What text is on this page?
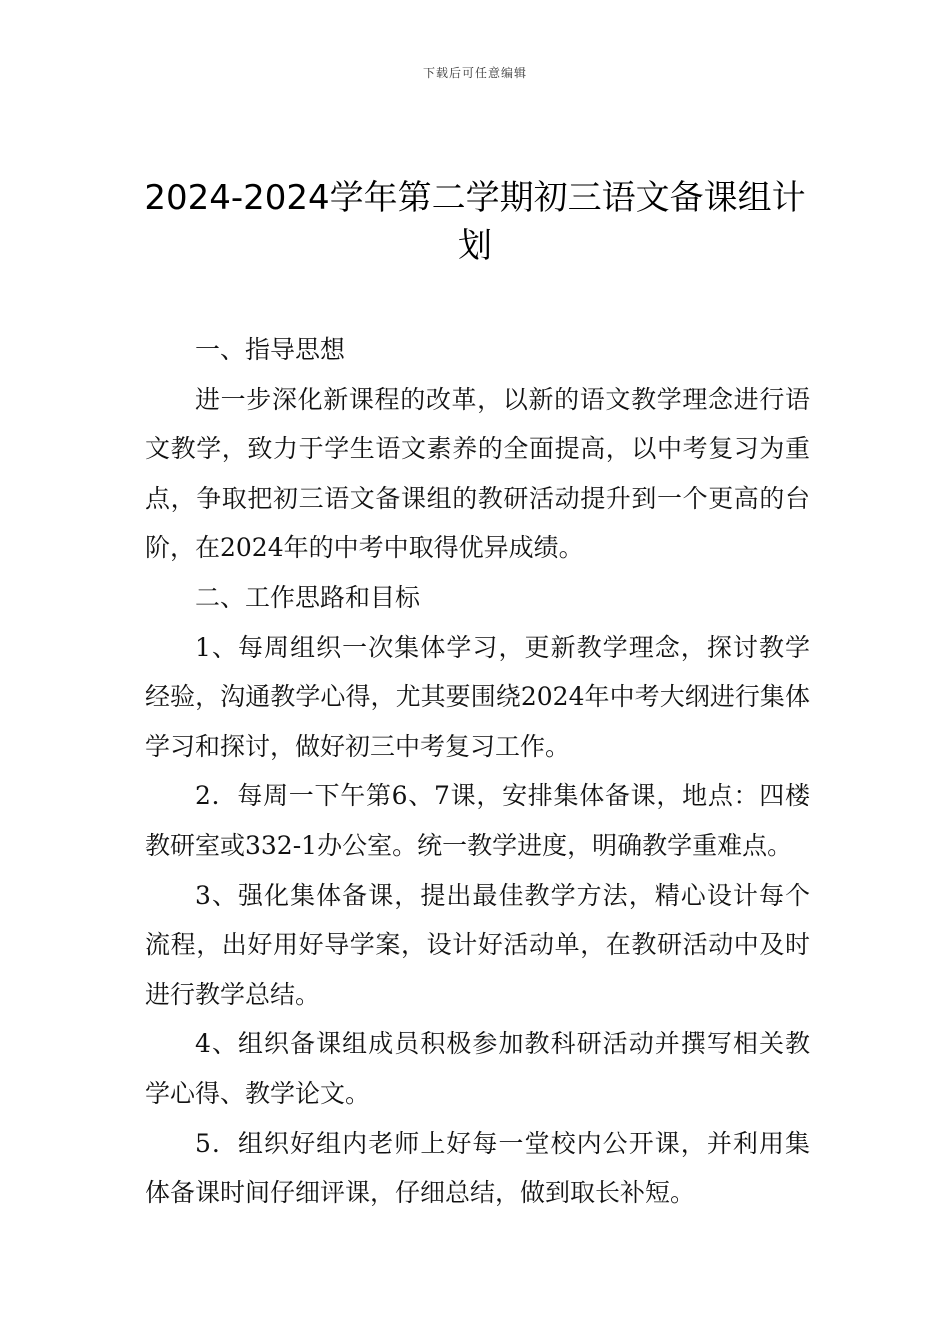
下载后可任意编辑
2024-2024学年第二学期初三语文备课组计划

一、指导思想

进一步深化新课程的改革，以新的语文教学理念进行语文教学，致力于学生语文素养的全面提高，以中考复习为重点，争取把初三语文备课组的教研活动提升到一个更高的台阶，在2024年的中考中取得优异成绩。

二、工作思路和目标

1、每周组织一次集体学习，更新教学理念，探讨教学经验，沟通教学心得，尤其要围绕2024年中考大纲进行集体学习和探讨，做好初三中考复习工作。

2．每周一下午第6、7课，安排集体备课，地点：四楼教研室或332-1办公室。统一教学进度，明确教学重难点。

3、强化集体备课，提出最佳教学方法，精心设计每个流程，出好用好导学案，设计好活动单，在教研活动中及时进行教学总结。

4、组织备课组成员积极参加教科研活动并撰写相关教学心得、教学论文。

5．组织好组内老师上好每一堂校内公开课，并利用集体备课时间仔细评课，仔细总结，做到取长补短。
